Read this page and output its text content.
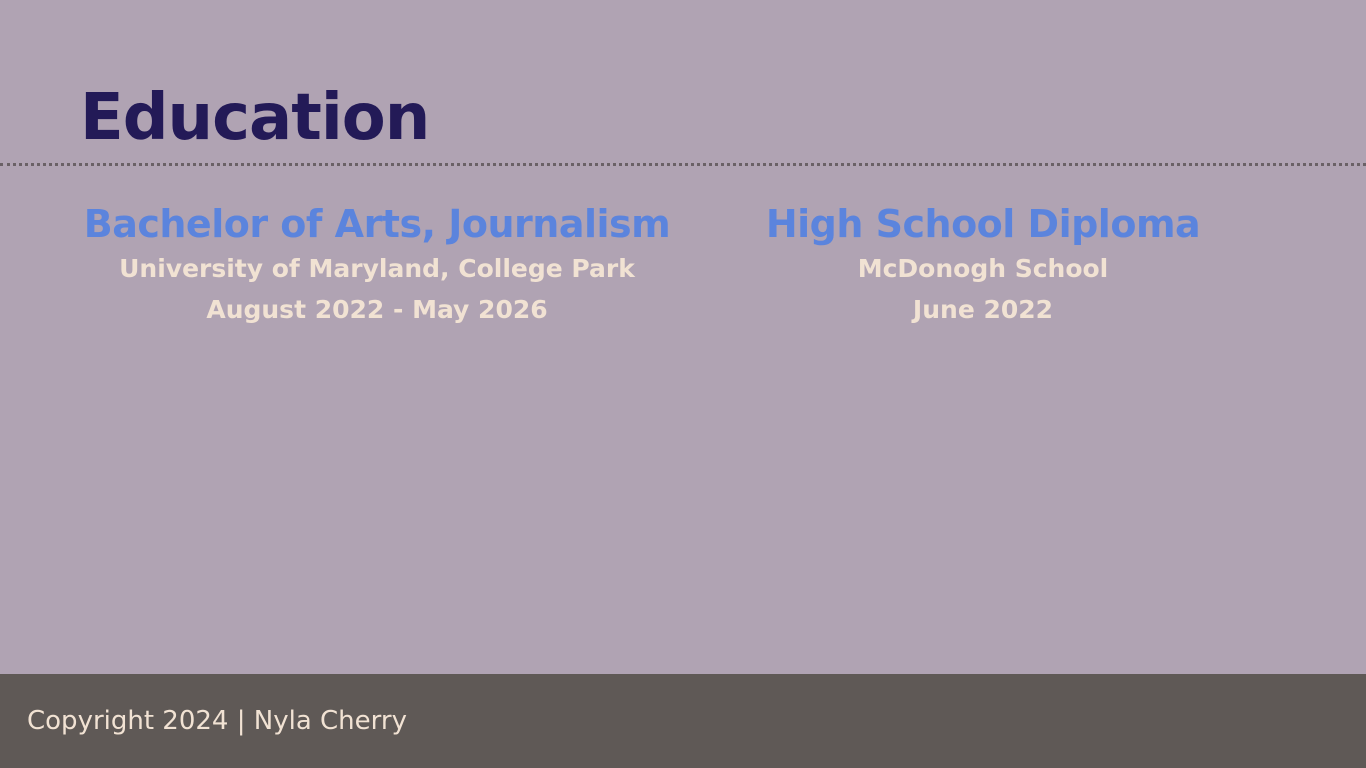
Education
Bachelor of Arts, Journalism
University of Maryland, College Park
August 2022 - May 2026
High School Diploma
McDonogh School
June 2022
Copyright 2024 | Nyla Cherry
